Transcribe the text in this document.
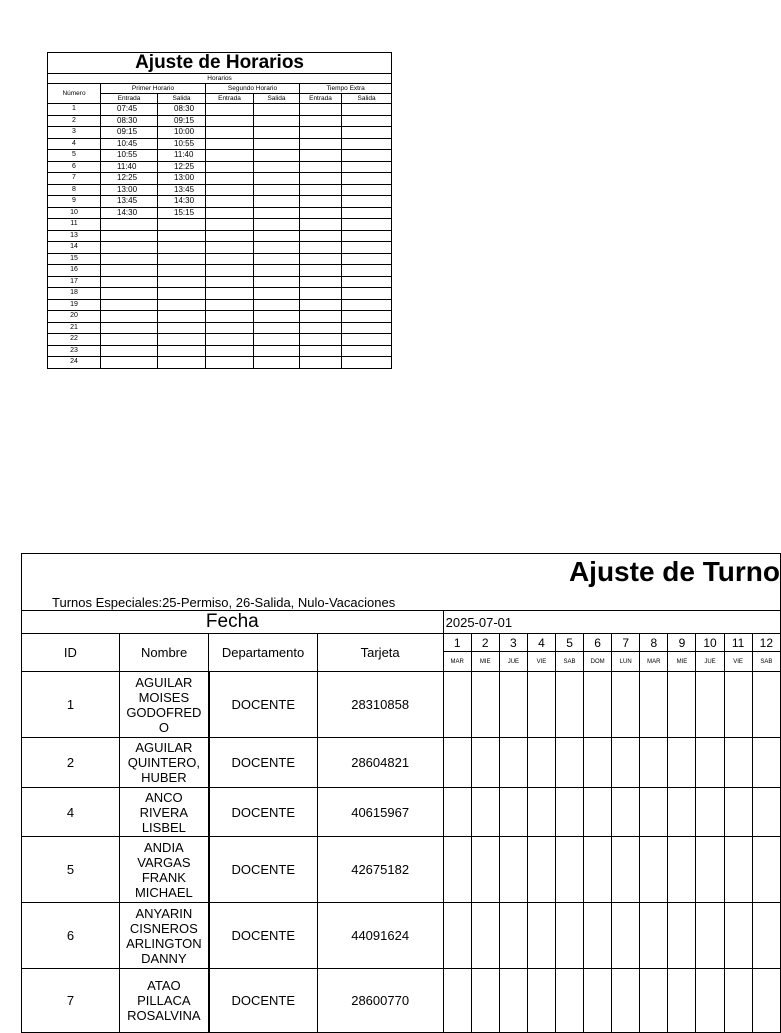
Ajuste de Horarios						
Horarios						
Número	Primer Horario		Segundo Horario		Tiempo Extra	
	Entrada	Salida	Entrada	Salida	Entrada	Salida
1	07:45	08:30				
2	08:30	09:15				
3	09:15	10:00				
4	10:45	10:55				
5	10:55	11:40				
6	11:40	12:25				
7	12:25	13:00				
8	13:00	13:45				
9	13:45	14:30				
10	14:30	15:15				
11						
13						
14						
15						
16						
17						
18						
19						
20						
21						
22						
23						
24						
Ajuste de Turno															
Turnos Especiales:25-Permiso, 26-Salida, Nulo-Vacaciones															
Fecha				2025-07-01											
ID	Nombre	Departamento	Tarjeta	1	2	3	4	5	6	7	8	9	10	11	12
				MAR	MIE	JUE	VIE	SAB	DOM	LUN	MAR	MIE	JUE	VIE	SAB
1	AGUILAR
MOISES
GODOFRED
O	DOCENTE	28310858												
2	AGUILAR
QUINTERO,
HUBER	DOCENTE	28604821												
4	ANCO
RIVERA
LISBEL	DOCENTE	40615967												
5	ANDIA
VARGAS
FRANK
MICHAEL	DOCENTE	42675182												
6	ANYARIN
CISNEROS
ARLINGTON
DANNY	DOCENTE	44091624												
7	ATAO
PILLACA
ROSALVINA	DOCENTE	28600770												
